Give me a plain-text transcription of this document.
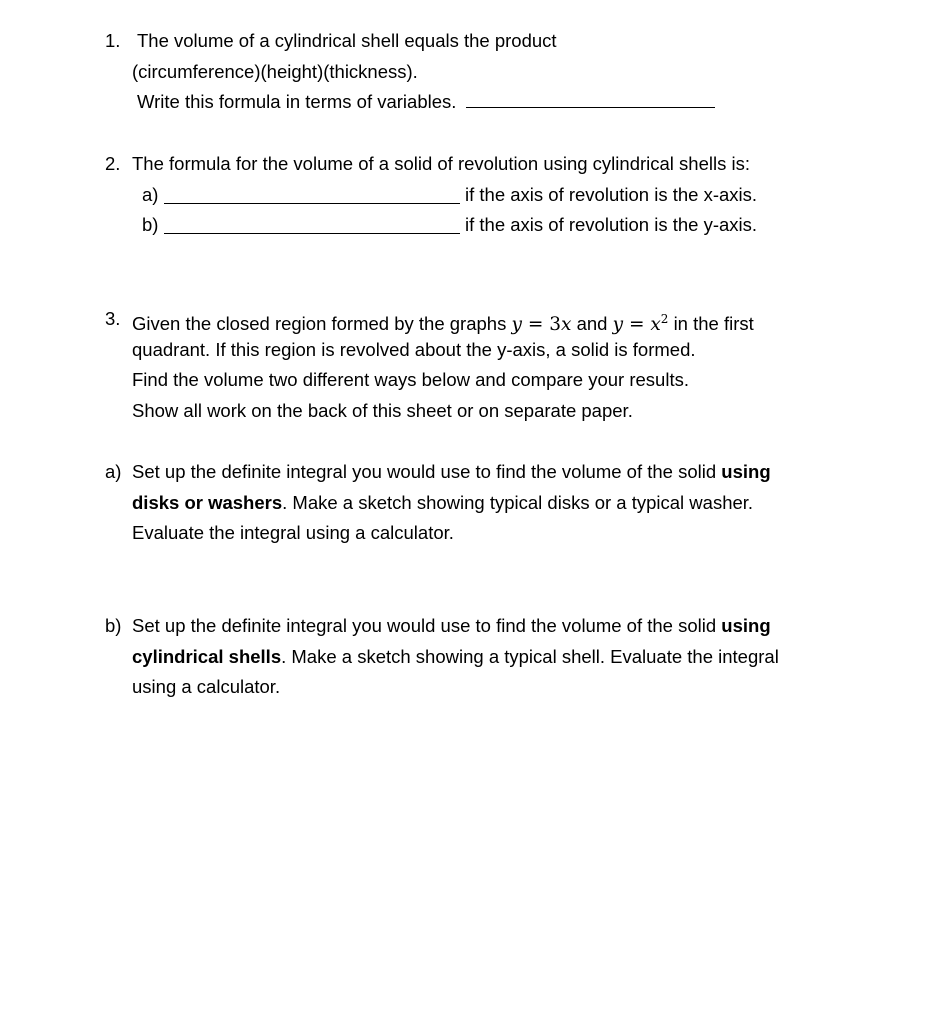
1. The volume of a cylindrical shell equals the product
(circumference)(height)(thickness).
Write this formula in terms of variables.
2. The formula for the volume of a solid of revolution using cylindrical shells is:
a)	if the axis of revolution is the x-axis.
b)	if the axis of revolution is the y-axis.
3. Given the closed region formed by the graphs y = 3x and $y = x^2$ in the first
quadrant. If this region is revolved about the y-axis, a solid is formed.
Find the volume two different ways below and compare your results.
Show all work on the back of this sheet or on separate paper.
a) Set up the definite integral you would use to find the volume of the solid using
disks or washers. Make a sketch showing typical disks or a typical washer.
Evaluate the integral using a calculator.
b) Set up the definite integral you would use to find the volume of the solid using
cylindrical shells. Make a sketch showing a typical shell. Evaluate the integral
using a calculator.
